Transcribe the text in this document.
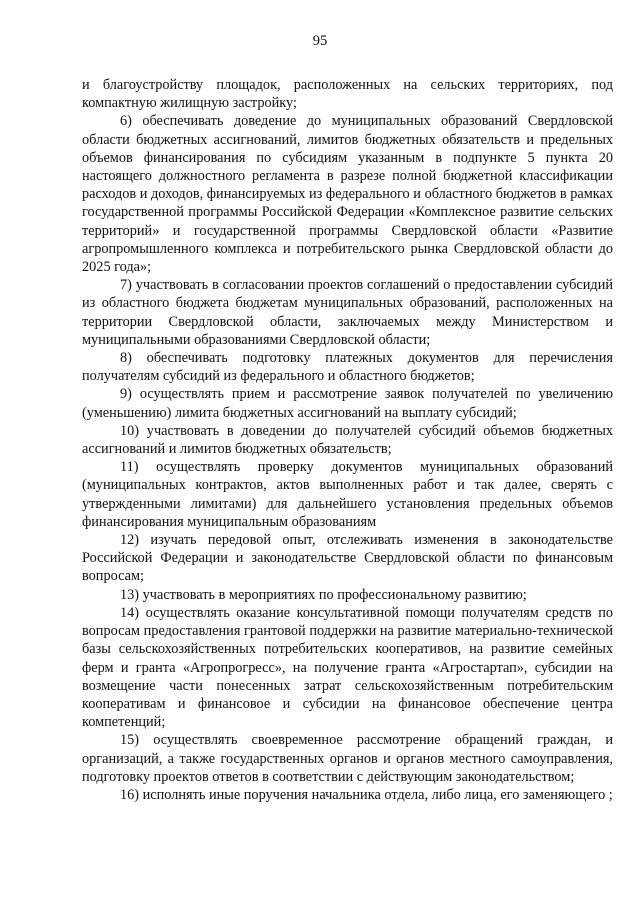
95

и благоустройству площадок, расположенных на сельских территориях, под компактную жилищную застройку;

6) обеспечивать доведение до муниципальных образований Свердловской области бюджетных ассигнований, лимитов бюджетных обязательств и предельных объемов финансирования по субсидиям указанным в подпункте 5 пункта 20 настоящего должностного регламента в разрезе полной бюджетной классификации расходов и доходов, финансируемых из федерального и областного бюджетов в рамках государственной программы Российской Федерации «Комплексное развитие сельских территорий» и государственной программы Свердловской области «Развитие агропромышленного комплекса и потребительского рынка Свердловской области до 2025 года»;

7) участвовать в согласовании проектов соглашений о предоставлении субсидий из областного бюджета бюджетам муниципальных образований, расположенных на территории Свердловской области, заключаемых между Министерством и муниципальными образованиями Свердловской области;

8) обеспечивать подготовку платежных документов для перечисления получателям субсидий из федерального и областного бюджетов;

9) осуществлять прием и рассмотрение заявок получателей по увеличению (уменьшению) лимита бюджетных ассигнований на выплату субсидий;

10) участвовать в доведении до получателей субсидий объемов бюджетных ассигнований и лимитов бюджетных обязательств;

11) осуществлять проверку документов муниципальных образований (муниципальных контрактов, актов выполненных работ и так далее, сверять с утвержденными лимитами) для дальнейшего установления предельных объемов финансирования муниципальным образованиям

12) изучать передовой опыт, отслеживать изменения в законодательстве Российской Федерации и законодательстве Свердловской области по финансовым вопросам;

13) участвовать в мероприятиях по профессиональному развитию;

14) осуществлять оказание консультативной помощи получателям средств по вопросам предоставления грантовой поддержки на развитие материально-технической базы сельскохозяйственных потребительских кооперативов, на развитие семейных ферм и гранта «Агропрогресс», на получение гранта «Агростартап», субсидии на возмещение части понесенных затрат сельскохозяйственным потребительским кооперативам и финансовое и субсидии на финансовое обеспечение центра компетенций;

15) осуществлять своевременное рассмотрение обращений граждан, и организаций, а также государственных органов и органов местного самоуправления, подготовку проектов ответов в соответствии с действующим законодательством;

16) исполнять иные поручения начальника отдела, либо лица, его заменяющего ;
